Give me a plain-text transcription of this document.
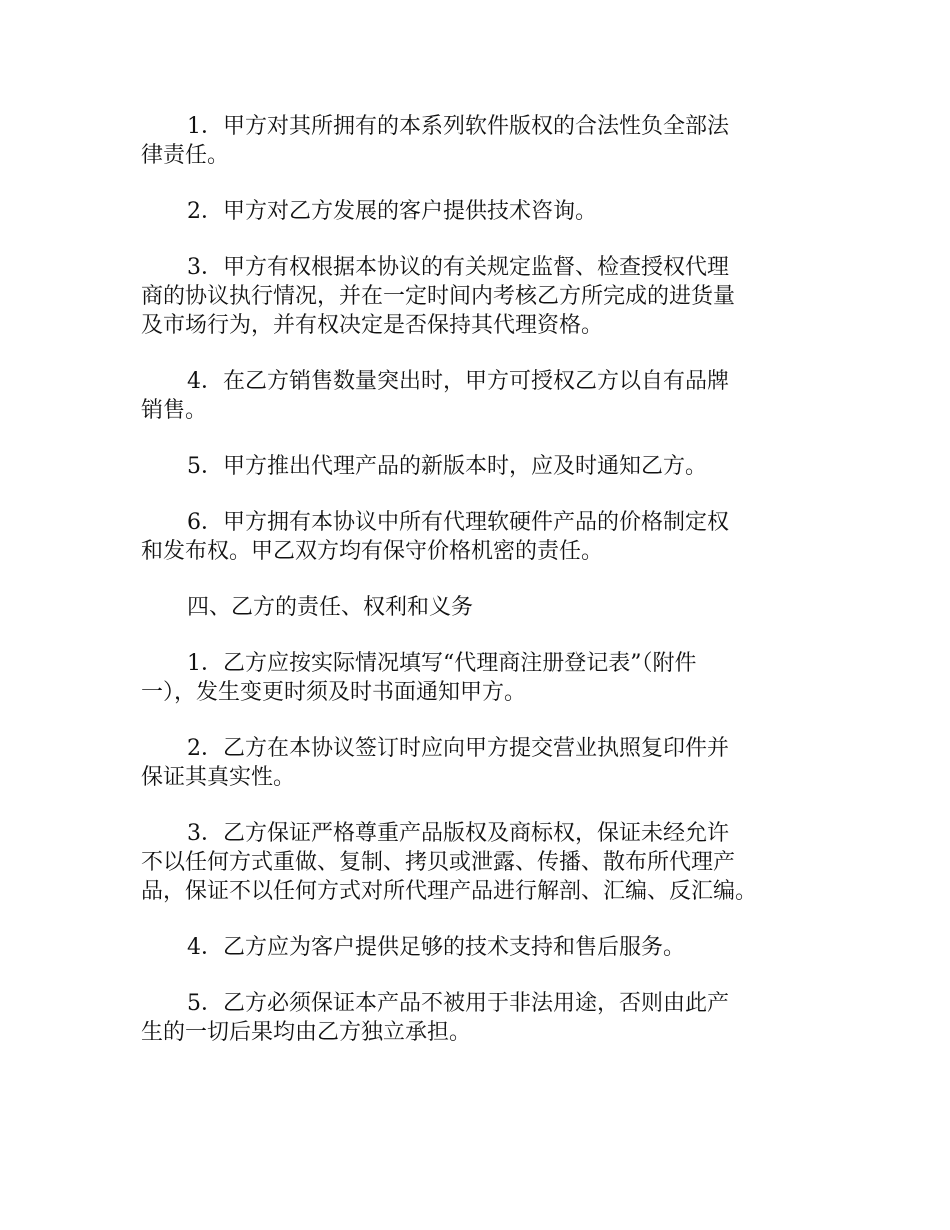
1．甲方对其所拥有的本系列软件版权的合法性负全部法
律责任。

2．甲方对乙方发展的客户提供技术咨询。

3．甲方有权根据本协议的有关规定监督、检查授权代理
商的协议执行情况，并在一定时间内考核乙方所完成的进货量
及市场行为，并有权决定是否保持其代理资格。

4．在乙方销售数量突出时，甲方可授权乙方以自有品牌
销售。

5．甲方推出代理产品的新版本时，应及时通知乙方。

6．甲方拥有本协议中所有代理软硬件产品的价格制定权
和发布权。甲乙双方均有保守价格机密的责任。

四、乙方的责任、权利和义务

1．乙方应按实际情况填写“代理商注册登记表”（附件
一），发生变更时须及时书面通知甲方。

2．乙方在本协议签订时应向甲方提交营业执照复印件并
保证其真实性。

3．乙方保证严格尊重产品版权及商标权，保证未经允许
不以任何方式重做、复制、拷贝或泄露、传播、散布所代理产
品，保证不以任何方式对所代理产品进行解剖、汇编、反汇编。

4．乙方应为客户提供足够的技术支持和售后服务。

5．乙方必须保证本产品不被用于非法用途，否则由此产
生的一切后果均由乙方独立承担。
